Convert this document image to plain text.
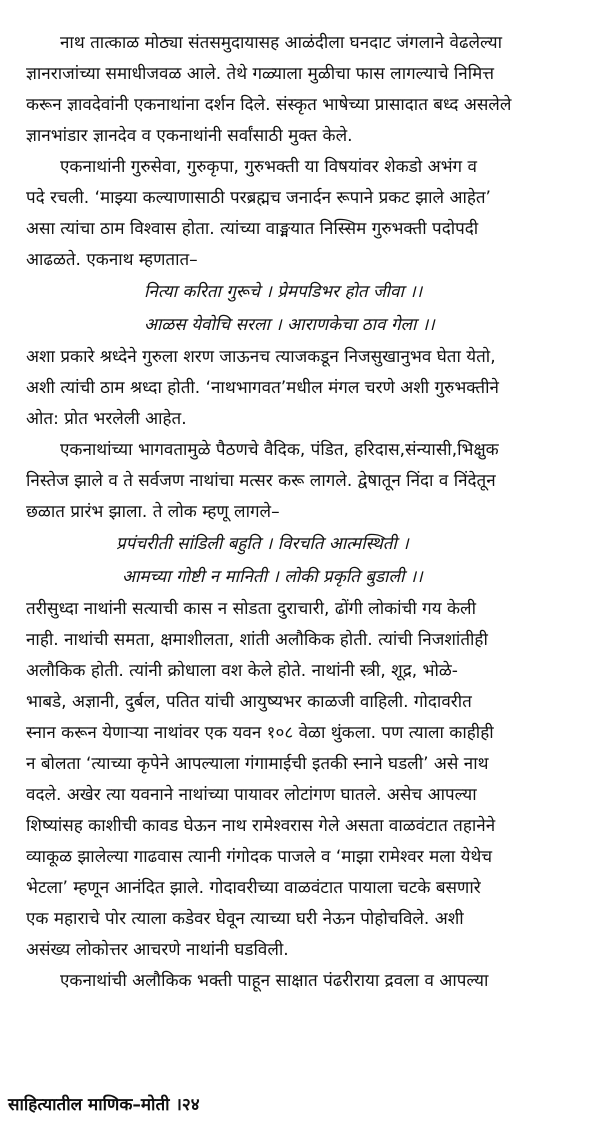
नाथ तात्काळ मोठ्या संतसमुदायासह आळंदीला घनदाट जंगलाने वेढलेल्या
ज्ञानराजांच्या समाधीजवळ आले. तेथे गळ्याला मुळीचा फास लागल्याचे निमित्त
करून ज्ञावदेवांनी एकनाथांना दर्शन दिले. संस्कृत भाषेच्या प्रासादात बध्द असलेले
ज्ञानभांडार ज्ञानदेव व एकनाथांनी सर्वांसाठी मुक्त केले.

एकनाथांनी गुरुसेवा, गुरुकृपा, गुरुभक्ती या विषयांवर शेकडो अभंग व
पदे रचली. ‘माझ्या कल्याणासाठी परब्रह्मच जनार्दन रूपाने प्रकट झाले आहेत’
असा त्यांचा ठाम विश्वास होता. त्यांच्या वाङ्मयात निस्सिम गुरुभक्ती पदोपदी
आढळते. एकनाथ म्हणतात–

नित्या करिता गुरूचे । प्रेमपडिभर होत जीवा ।।
आळस येवोचि सरला । आराणकेचा ठाव गेला ।।

अशा प्रकारे श्रध्देने गुरुला शरण जाऊनच त्याजकडून निजसुखानुभव घेता येतो,
अशी त्यांची ठाम श्रध्दा होती. ‘नाथभागवत’मधील मंगल चरणे अशी गुरुभक्तीने
ओत: प्रोत भरलेली आहेत.

एकनाथांच्या भागवतामुळे पैठणचे वैदिक, पंडित, हरिदास,संन्यासी,भिक्षुक
निस्तेज झाले व ते सर्वजण नाथांचा मत्सर करू लागले. द्वेषातून निंदा व निंदेतून
छळात प्रारंभ झाला. ते लोक म्हणू लागले–

प्रपंचरीती सांडिली बहुति । विरचति आत्मस्थिती ।
आमच्या गोष्टी न मानिती । लोकी प्रकृति बुडाली ।।

तरीसुध्दा नाथांनी सत्याची कास न सोडता दुराचारी, ढोंगी लोकांची गय केली
नाही. नाथांची समता, क्षमाशीलता, शांती अलौकिक होती. त्यांची निजशांतीही
अलौकिक होती. त्यांनी क्रोधाला वश केले होते. नाथांनी स्त्री, शूद्र, भोळे-
भाबडे, अज्ञानी, दुर्बल, पतित यांची आयुष्यभर काळजी वाहिली. गोदावरीत
स्नान करून येणाऱ्या नाथांवर एक यवन १०८ वेळा थुंकला. पण त्याला काहीही
न बोलता ‘त्याच्या कृपेने आपल्याला गंगामाईची इतकी स्नाने घडली’ असे नाथ
वदले. अखेर त्या यवनाने नाथांच्या पायावर लोटांगण घातले. असेच आपल्या
शिष्यांसह काशीची कावड घेऊन नाथ रामेश्वरास गेले असता वाळवंटात तहानेने
व्याकूळ झालेल्या गाढवास त्यानी गंगोदक पाजले व ‘माझा रामेश्वर मला येथेच
भेटला’ म्हणून आनंदित झाले. गोदावरीच्या वाळवंटात पायाला चटके बसणारे
एक महाराचे पोर त्याला कडेवर घेवून त्याच्या घरी नेऊन पोहोचविले. अशी
असंख्य लोकोत्तर आचरणे नाथांनी घडविली.

एकनाथांची अलौकिक भक्ती पाहून साक्षात पंढरीराया द्रवला व आपल्या

साहित्यातील माणिक–मोती ।२४
